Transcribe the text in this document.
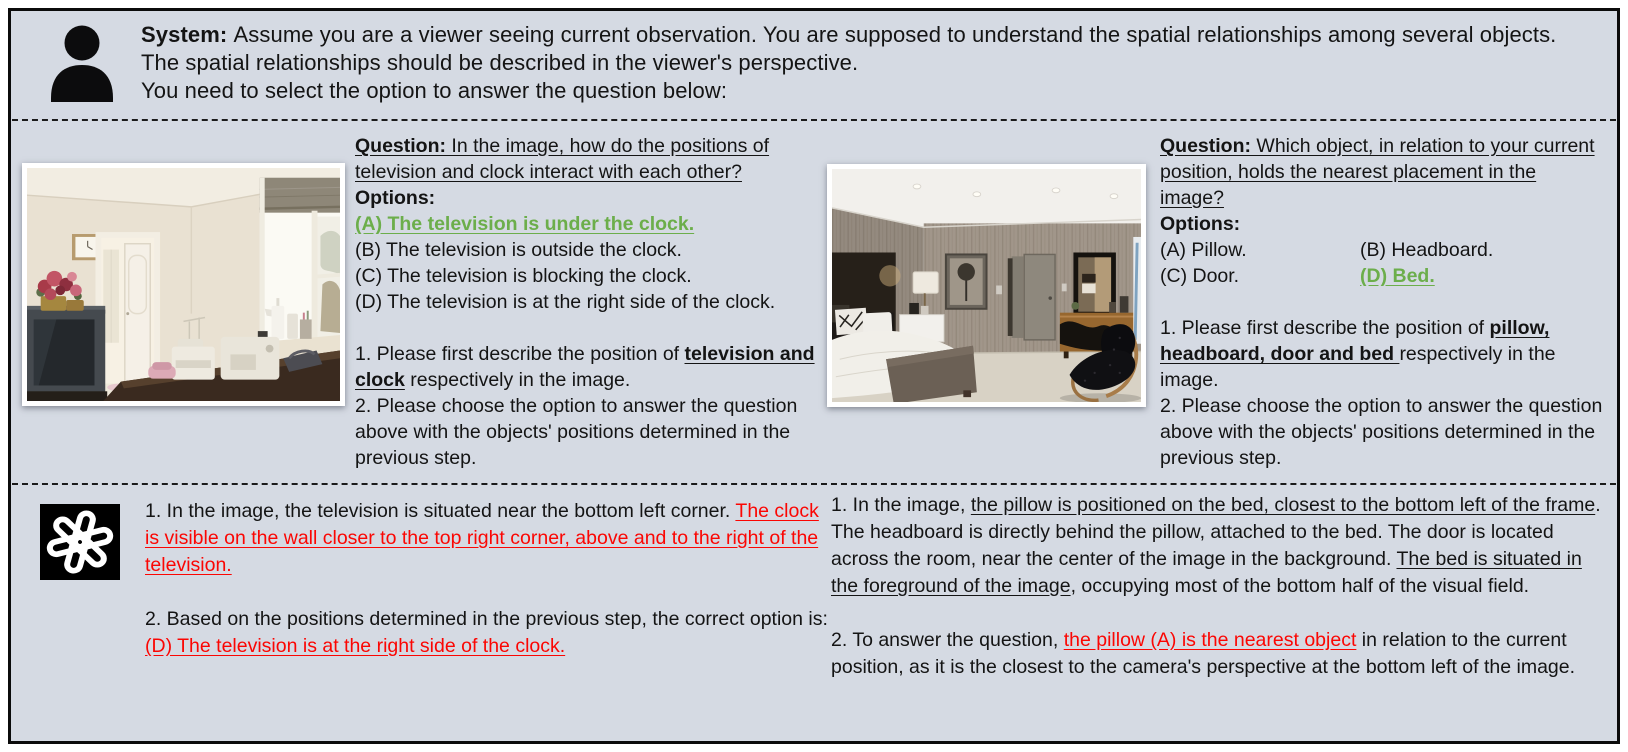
System: Assume you are a viewer seeing current observation. You are supposed to understand the spatial relationships among several objects. The spatial relationships should be described in the viewer's perspective.

You need to select the option to answer the question below:

Question: In the image, how do the positions of television and clock interact with each other?

Options:

(A) The television is under the clock.

(B) The television is outside the clock.

(C) The television is blocking the clock.

(D) The television is at the right side of the clock.

1. Please first describe the position of television and clock respectively in the image.

2. Please choose the option to answer the question above with the objects' positions determined in the previous step.

Question: Which object, in relation to your current position, holds the nearest placement in the image?

Options:

(A) Pillow.	(B) Headboard.
(C) Door.	(D) Bed.

1. Please first describe the position of pillow, headboard, door and bed respectively in the image.

2. Please choose the option to answer the question above with the objects' positions determined in the previous step.

1. In the image, the television is situated near the bottom left corner. The clock is visible on the wall closer to the top right corner, above and to the right of the television.

2. Based on the positions determined in the previous step, the correct option is: (D) The television is at the right side of the clock.

1. In the image, the pillow is positioned on the bed, closest to the bottom left of the frame. The headboard is directly behind the pillow, attached to the bed. The door is located across the room, near the center of the image in the background. The bed is situated in the foreground of the image, occupying most of the bottom half of the visual field.

2. To answer the question, the pillow (A) is the nearest object in relation to the current position, as it is the closest to the camera's perspective at the bottom left of the image.
